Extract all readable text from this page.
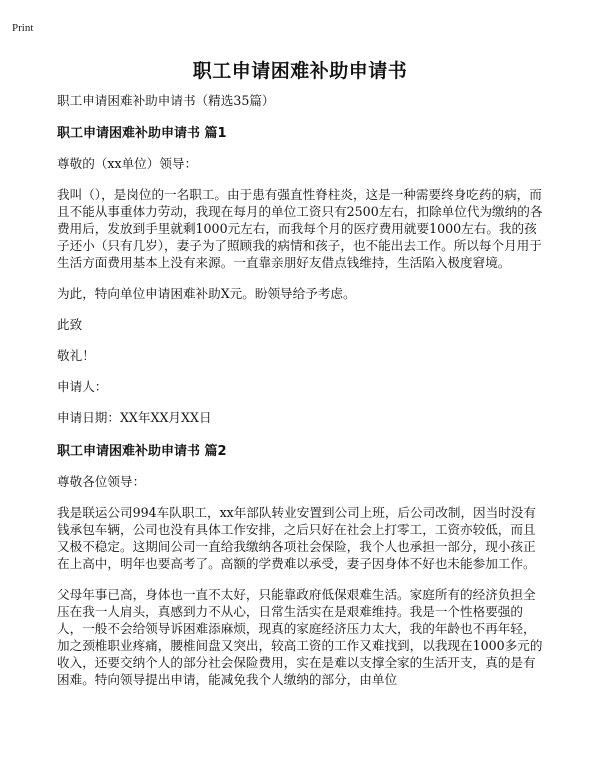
Print
职工申请困难补助申请书

职工申请困难补助申请书（精选35篇）

职工申请困难补助申请书 篇1

尊敬的（xx单位）领导：

我叫（），是岗位的一名职工。由于患有强直性脊柱炎，这是一种需要终身吃药的病，而且不能从事重体力劳动，我现在每月的单位工资只有2500左右，扣除单位代为缴纳的各费用后，发放到手里就剩1000元左右，而我每个月的医疗费用就要1000左右。我的孩子还小（只有几岁），妻子为了照顾我的病情和孩子，也不能出去工作。所以每个月用于生活方面费用基本上没有来源。一直靠亲朋好友借点钱维持，生活陷入极度窘境。

为此，特向单位申请困难补助X元。盼领导给予考虑。

此致

敬礼！

申请人：

申请日期：XX年XX月XX日

职工申请困难补助申请书 篇2

尊敬各位领导：

我是联运公司994车队职工，xx年部队转业安置到公司上班，后公司改制，因当时没有钱承包车辆，公司也没有具体工作安排，之后只好在社会上打零工，工资亦较低，而且又极不稳定。这期间公司一直给我缴纳各项社会保险，我个人也承担一部分，现小孩正在上高中，明年也要高考了。高额的学费难以承受，妻子因身体不好也未能参加工作。

父母年事已高，身体也一直不太好，只能靠政府低保艰难生活。家庭所有的经济负担全压在我一人肩头，真感到力不从心，日常生活实在是艰难维持。我是一个性格要强的人，一般不会给领导诉困难添麻烦，现真的家庭经济压力太大，我的年龄也不再年轻，加之颈椎职业疼痛，腰椎间盘又突出，较高工资的工作又难找到，以我现在1000多元的收入，还要交纳个人的部分社会保险费用，实在是难以支撑全家的生活开支，真的是有困难。特向领导提出申请，能减免我个人缴纳的部分，由单位
